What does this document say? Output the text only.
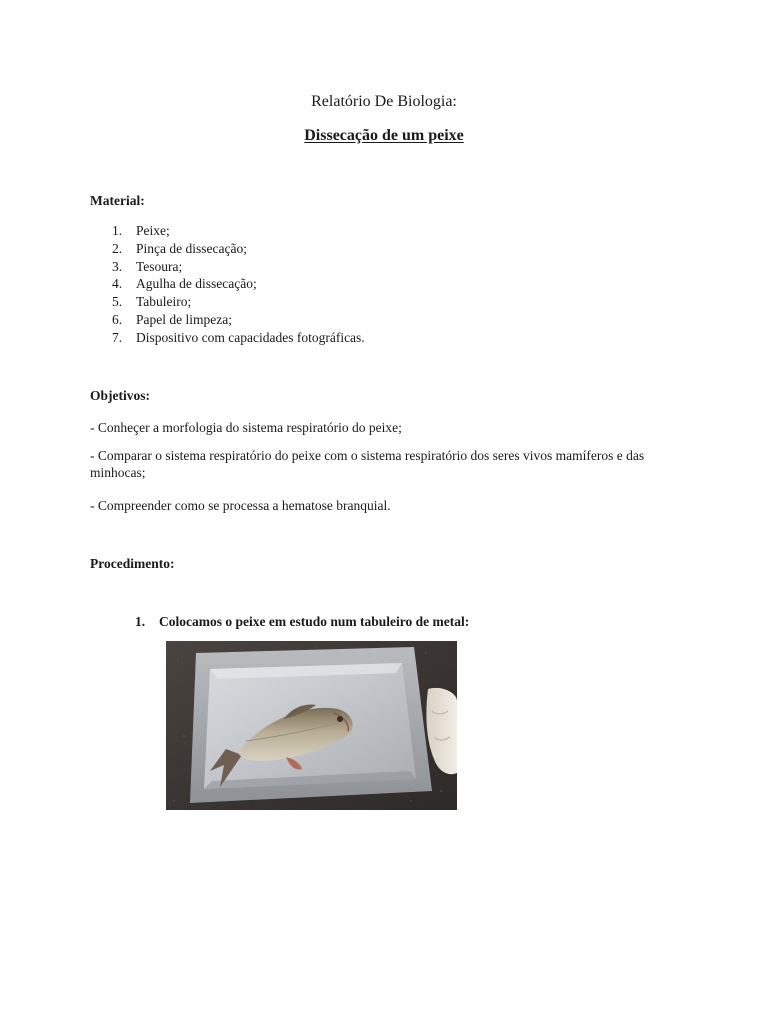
Relatório De Biologia:
Dissecação de um peixe
Material:
1. Peixe;
2. Pinça de dissecação;
3. Tesoura;
4. Agulha de dissecação;
5. Tabuleiro;
6. Papel de limpeza;
7. Dispositivo com capacidades fotográficas.
Objetivos:
- Conheçer a morfologia do sistema respiratório do peixe;
- Comparar o sistema respiratório do peixe com o sistema respiratório dos seres vivos mamíferos e das minhocas;
- Compreender como se processa a hematose branquial.
Procedimento:
1. Colocamos o peixe em estudo num tabuleiro de metal:
